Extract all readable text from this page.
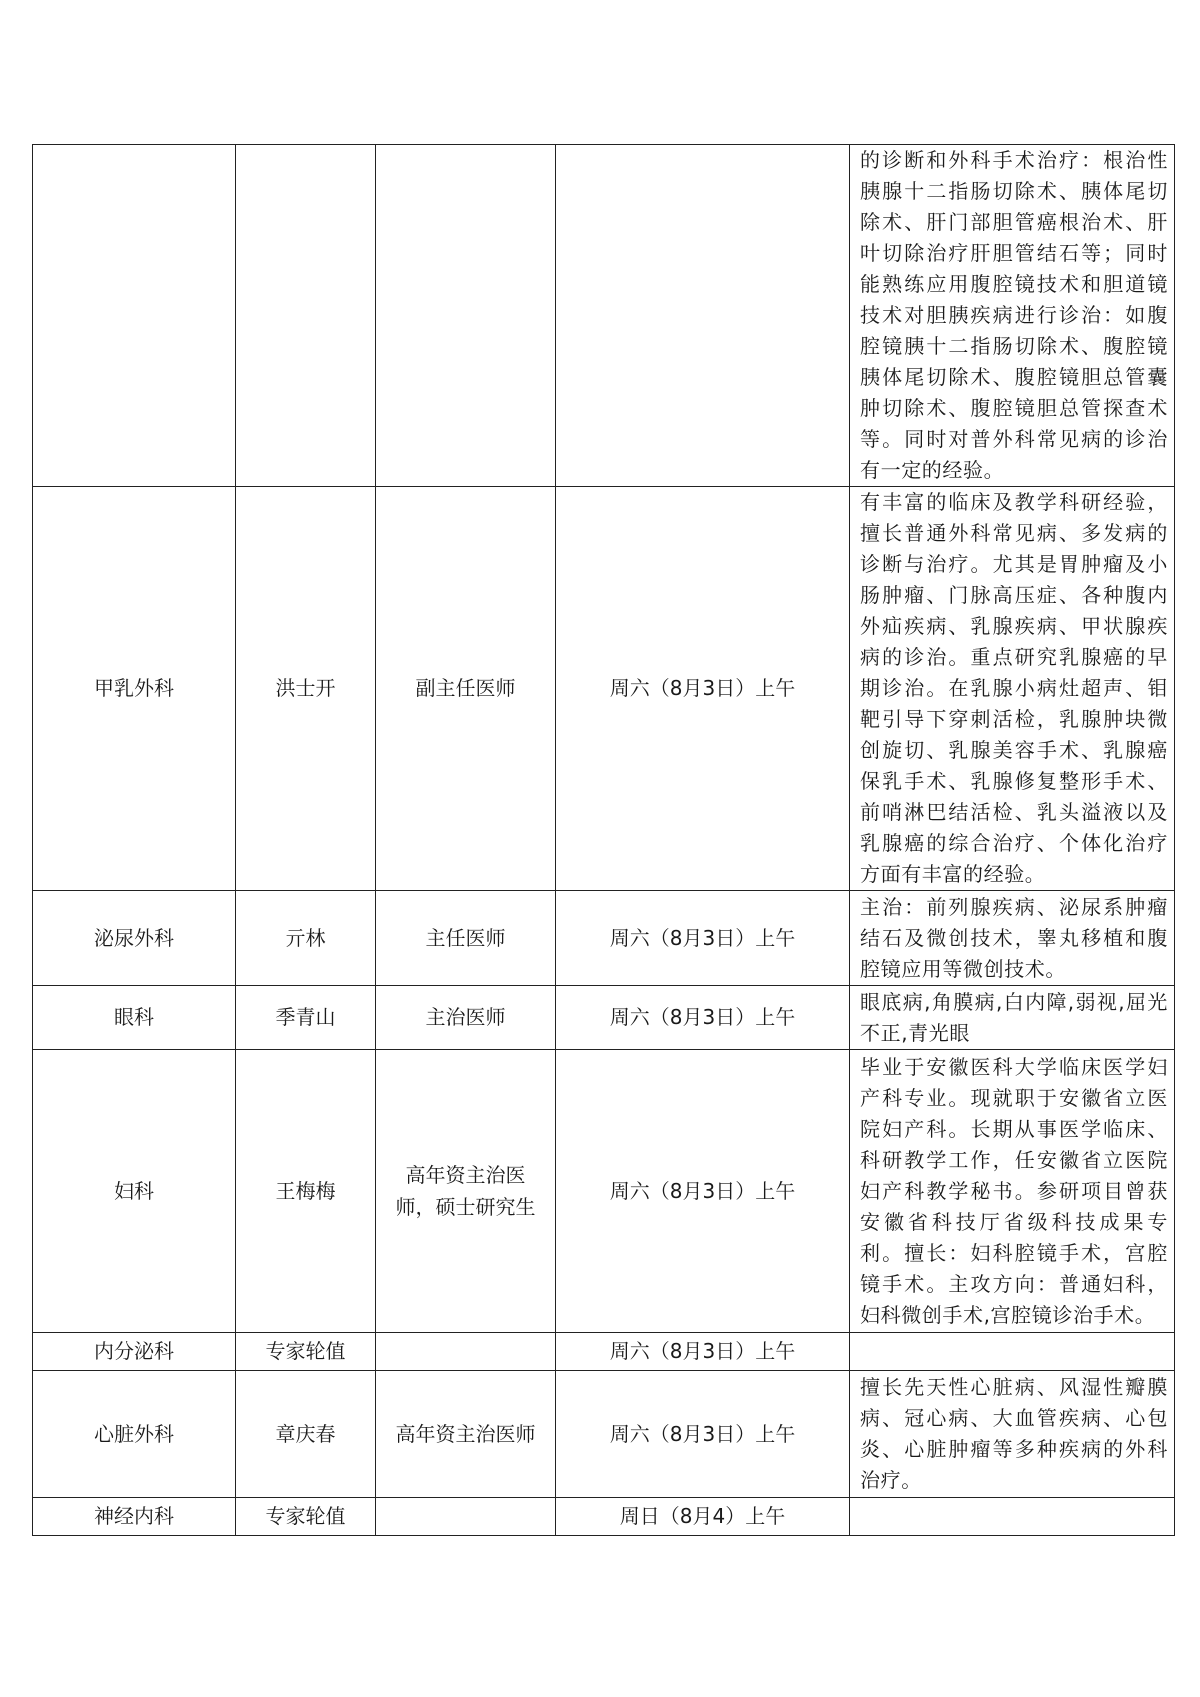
				的诊断和外科手术治疗：根治性胰腺十二指肠切除术、胰体尾切除术、肝门部胆管癌根治术、肝叶切除治疗肝胆管结石等；同时能熟练应用腹腔镜技术和胆道镜技术对胆胰疾病进行诊治：如腹腔镜胰十二指肠切除术、腹腔镜胰体尾切除术、腹腔镜胆总管囊肿切除术、腹腔镜胆总管探查术等。同时对普外科常见病的诊治有一定的经验。
甲乳外科	洪士开	副主任医师	周六（8月3日）上午	有丰富的临床及教学科研经验，擅长普通外科常见病、多发病的诊断与治疗。尤其是胃肿瘤及小肠肿瘤、门脉高压症、各种腹内外疝疾病、乳腺疾病、甲状腺疾病的诊治。重点研究乳腺癌的早期诊治。在乳腺小病灶超声、钼靶引导下穿刺活检，乳腺肿块微创旋切、乳腺美容手术、乳腺癌保乳手术、乳腺修复整形手术、前哨淋巴结活检、乳头溢液以及乳腺癌的综合治疗、个体化治疗方面有丰富的经验。
泌尿外科	亓林	主任医师	周六（8月3日）上午	主治：前列腺疾病、泌尿系肿瘤结石及微创技术，睾丸移植和腹腔镜应用等微创技术。
眼科	季青山	主治医师	周六（8月3日）上午	眼底病,角膜病,白内障,弱视,屈光不正,青光眼
妇科	王梅梅	高年资主治医师，硕士研究生	周六（8月3日）上午	毕业于安徽医科大学临床医学妇产科专业。现就职于安徽省立医院妇产科。长期从事医学临床、科研教学工作，任安徽省立医院妇产科教学秘书。参研项目曾获安徽省科技厅省级科技成果专利。擅长：妇科腔镜手术，宫腔镜手术。主攻方向：普通妇科，妇科微创手术,宫腔镜诊治手术。
内分泌科	专家轮值		周六（8月3日）上午	
心脏外科	章庆春	高年资主治医师	周六（8月3日）上午	擅长先天性心脏病、风湿性瓣膜病、冠心病、大血管疾病、心包炎、心脏肿瘤等多种疾病的外科治疗。
神经内科	专家轮值		周日（8月4）上午	
